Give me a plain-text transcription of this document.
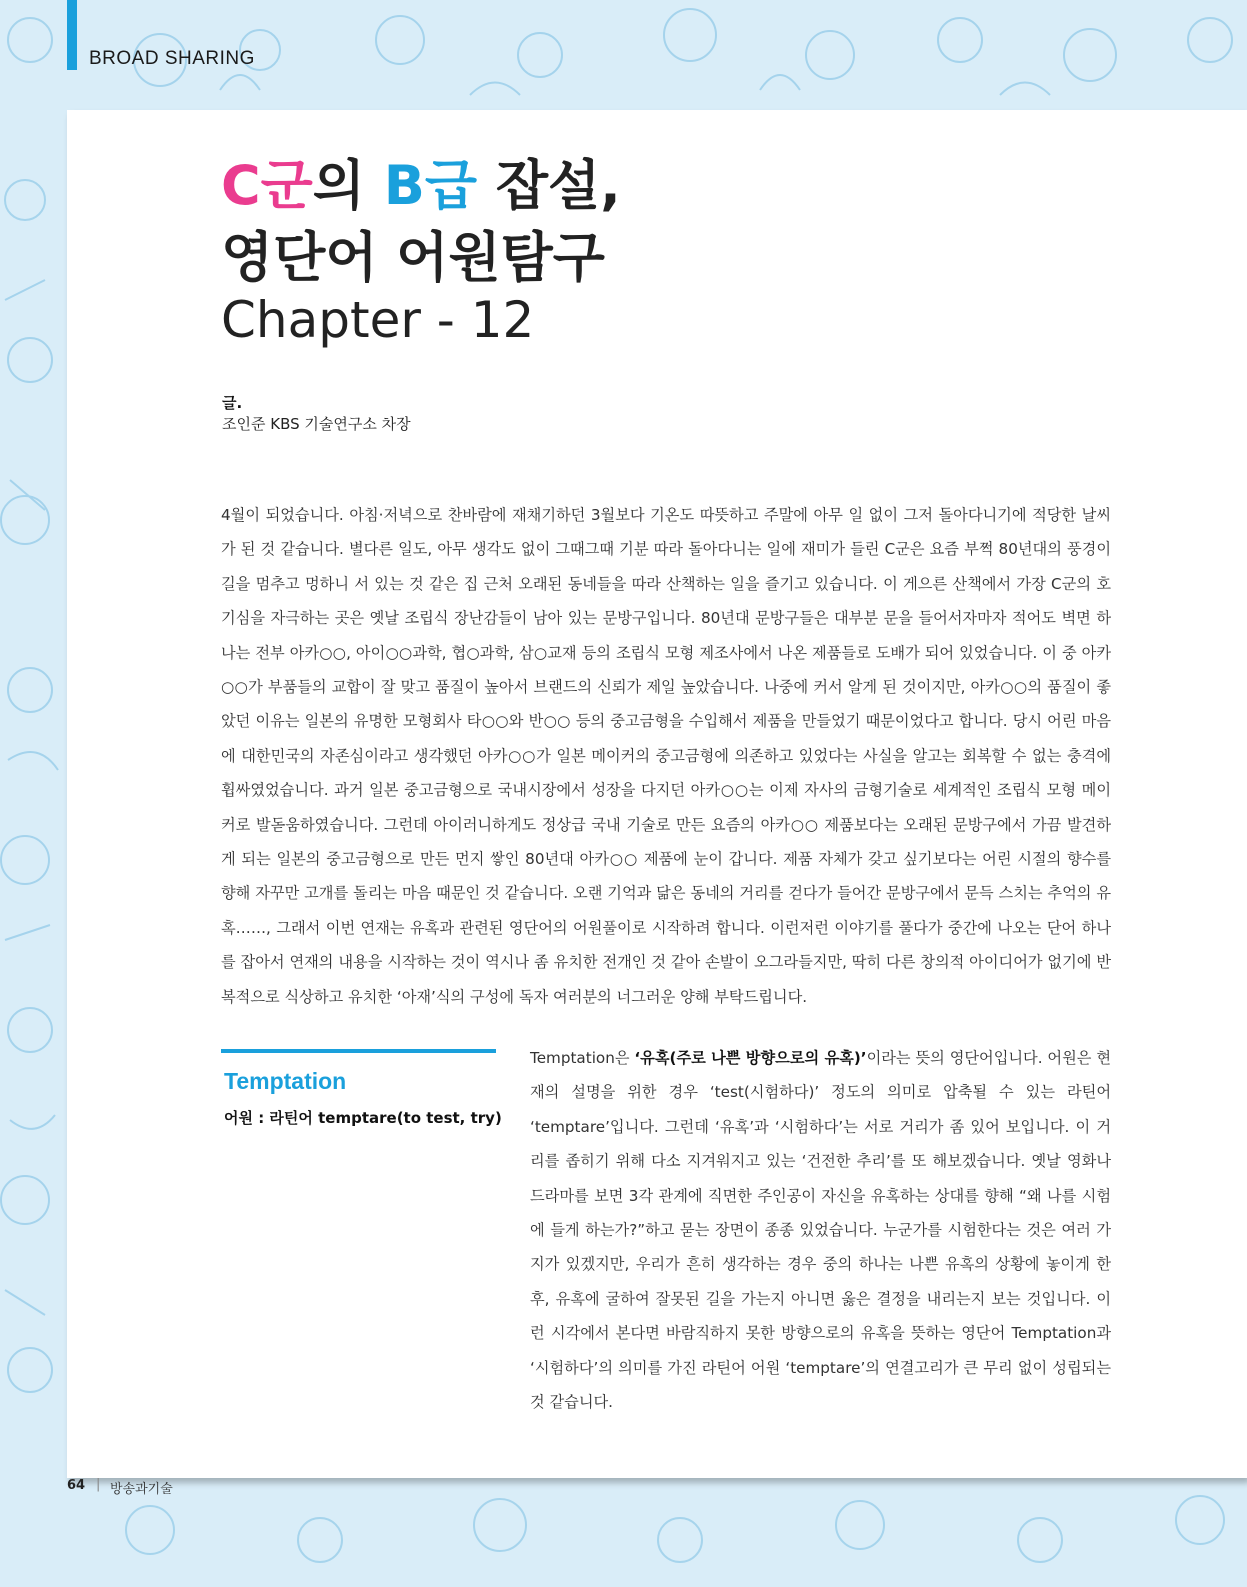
BROAD SHARING
C군의 B급 잡설,
영단어 어원탐구
Chapter - 12
글.
조인준 KBS 기술연구소 차장

4월이 되었습니다. 아침·저녁으로 찬바람에 재채기하던 3월보다 기온도 따뜻하고 주말에 아무 일 없이 그저 돌아다니기에 적당한 날씨가 된 것 같습니다. 별다른 일도, 아무 생각도 없이 그때그때 기분 따라 돌아다니는 일에 재미가 들린 C군은 요즘 부쩍 80년대의 풍경이 길을 멈추고 멍하니 서 있는 것 같은 집 근처 오래된 동네들을 따라 산책하는 일을 즐기고 있습니다. 이 게으른 산책에서 가장 C군의 호기심을 자극하는 곳은 옛날 조립식 장난감들이 남아 있는 문방구입니다. 80년대 문방구들은 대부분 문을 들어서자마자 적어도 벽면 하나는 전부 아카○○, 아이○○과학, 협○과학, 삼○교재 등의 조립식 모형 제조사에서 나온 제품들로 도배가 되어 있었습니다. 이 중 아카○○가 부품들의 교합이 잘 맞고 품질이 높아서 브랜드의 신뢰가 제일 높았습니다. 나중에 커서 알게 된 것이지만, 아카○○의 품질이 좋았던 이유는 일본의 유명한 모형회사 타○○와 반○○ 등의 중고금형을 수입해서 제품을 만들었기 때문이었다고 합니다. 당시 어린 마음에 대한민국의 자존심이라고 생각했던 아카○○가 일본 메이커의 중고금형에 의존하고 있었다는 사실을 알고는 회복할 수 없는 충격에 휩싸였었습니다. 과거 일본 중고금형으로 국내시장에서 성장을 다지던 아카○○는 이제 자사의 금형기술로 세계적인 조립식 모형 메이커로 발돋움하였습니다. 그런데 아이러니하게도 정상급 국내 기술로 만든 요즘의 아카○○ 제품보다는 오래된 문방구에서 가끔 발견하게 되는 일본의 중고금형으로 만든 먼지 쌓인 80년대 아카○○ 제품에 눈이 갑니다. 제품 자체가 갖고 싶기보다는 어린 시절의 향수를 향해 자꾸만 고개를 돌리는 마음 때문인 것 같습니다. 오랜 기억과 닮은 동네의 거리를 걷다가 들어간 문방구에서 문득 스치는 추억의 유혹……, 그래서 이번 연재는 유혹과 관련된 영단어의 어원풀이로 시작하려 합니다. 이런저런 이야기를 풀다가 중간에 나오는 단어 하나를 잡아서 연재의 내용을 시작하는 것이 역시나 좀 유치한 전개인 것 같아 손발이 오그라들지만, 딱히 다른 창의적 아이디어가 없기에 반복적으로 식상하고 유치한 ‘아재’식의 구성에 독자 여러분의 너그러운 양해 부탁드립니다.

Temptation
어원 : 라틴어 temptare(to test, try)

Temptation은 ‘유혹(주로 나쁜 방향으로의 유혹)’이라는 뜻의 영단어입니다. 어원은 현재의 설명을 위한 경우 ‘test(시험하다)’ 정도의 의미로 압축될 수 있는 라틴어 ‘temptare’입니다. 그런데 ‘유혹’과 ‘시험하다’는 서로 거리가 좀 있어 보입니다. 이 거리를 좁히기 위해 다소 지겨워지고 있는 ‘건전한 추리’를 또 해보겠습니다. 옛날 영화나 드라마를 보면 3각 관계에 직면한 주인공이 자신을 유혹하는 상대를 향해 “왜 나를 시험에 들게 하는가?”하고 묻는 장면이 종종 있었습니다. 누군가를 시험한다는 것은 여러 가지가 있겠지만, 우리가 흔히 생각하는 경우 중의 하나는 나쁜 유혹의 상황에 놓이게 한 후, 유혹에 굴하여 잘못된 길을 가는지 아니면 옳은 결정을 내리는지 보는 것입니다. 이런 시각에서 본다면 바람직하지 못한 방향으로의 유혹을 뜻하는 영단어 Temptation과 ‘시험하다’의 의미를 가진 라틴어 어원 ‘temptare’의 연결고리가 큰 무리 없이 성립되는 것 같습니다.

64 | 방송과기술
